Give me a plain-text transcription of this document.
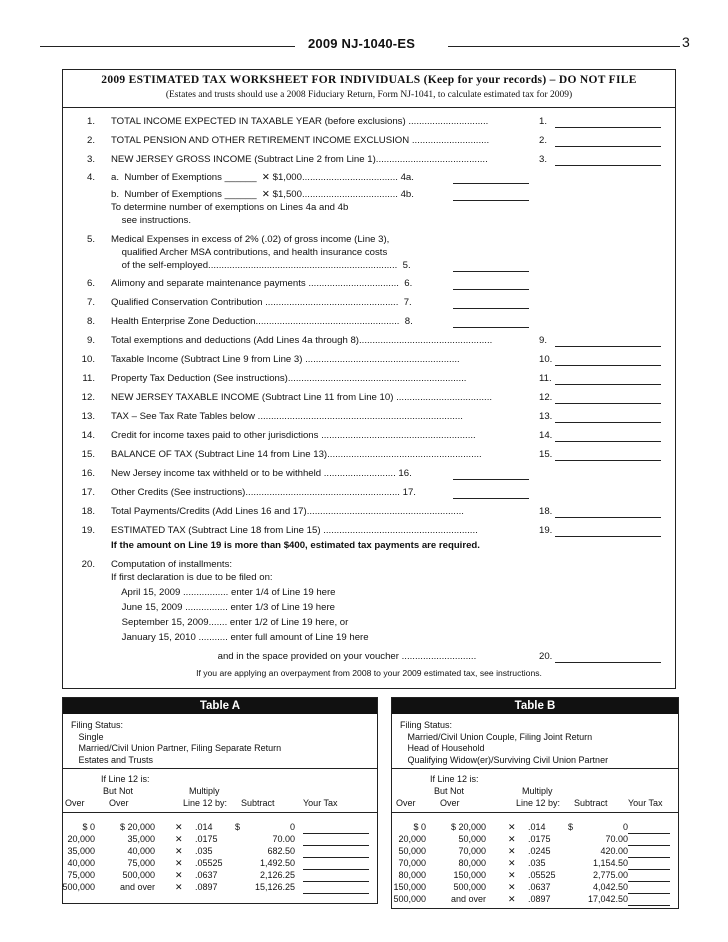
2009 NJ-1040-ES	3
2009 ESTIMATED TAX WORKSHEET FOR INDIVIDUALS (Keep for your records) – DO NOT FILE
(Estates and trusts should use a 2008 Fiduciary Return, Form NJ-1041, to calculate estimated tax for 2009)
1. TOTAL INCOME EXPECTED IN TAXABLE YEAR (before exclusions) ..............................	1.
2. TOTAL PENSION AND OTHER RETIREMENT INCOME EXCLUSION .............................	2.
3. NEW JERSEY GROSS INCOME (Subtract Line 2 from Line 1)..........................................	3.
4. a.  Number of Exemptions ______  ✕ $1,000.................................... 4a.
b.  Number of Exemptions ______  ✕ $1,500.................................... 4b.
To determine number of exemptions on Lines 4a and 4b
see instructions.
5. Medical Expenses in excess of 2% (.02) of gross income (Line 3),
qualified Archer MSA contributions, and health insurance costs
of the self-employed.......................................................................  5.
6. Alimony and separate maintenance payments ..................................  6.
7. Qualified Conservation Contribution ..................................................  7.
8. Health Enterprise Zone Deduction......................................................  8.
9. Total exemptions and deductions (Add Lines 4a through 8)..................................................	9.
10. Taxable Income (Subtract Line 9 from Line 3) ..........................................................	10.
11. Property Tax Deduction (See instructions)...................................................................	11.
12. NEW JERSEY TAXABLE INCOME (Subtract Line 11 from Line 10) ....................................	12.
13. TAX – See Tax Rate Tables below .............................................................................	13.
14. Credit for income taxes paid to other jurisdictions ..........................................................	14.
15. BALANCE OF TAX (Subtract Line 14 from Line 13)..........................................................	15.
16. New Jersey income tax withheld or to be withheld ........................... 16.
17. Other Credits (See instructions).......................................................... 17.
18. Total Payments/Credits (Add Lines 16 and 17)...........................................................	18.
19. ESTIMATED TAX (Subtract Line 18 from Line 15) ..........................................................	19.
If the amount on Line 19 is more than $400, estimated tax payments are required.
20. Computation of installments:
If first declaration is due to be filed on:
April 15, 2009 ................. enter 1/4 of Line 19 here
June 15, 2009 ................ enter 1/3 of Line 19 here
September 15, 2009....... enter 1/2 of Line 19 here, or
January 15, 2010 ........... enter full amount of Line 19 here
and in the space provided on your voucher ............................	20.
If you are applying an overpayment from 2008 to your 2009 estimated tax, see instructions.
Table A
Filing Status:
Single
Married/Civil Union Partner, Filing Separate Return
Estates and Trusts
If Line 12 is:
But Not	Multiply
Over	Over	Line 12 by: Subtract	Your Tax
$ 0	$ 20,000 ✕ .014 $	0
20,000	35,000 ✕ .0175	70.00
35,000	40,000 ✕ .035	682.50
40,000	75,000 ✕ .05525	1,492.50
75,000	500,000 ✕ .0637	2,126.25
500,000	and over ✕ .0897	15,126.25
Table B
Filing Status:
Married/Civil Union Couple, Filing Joint Return
Head of Household
Qualifying Widow(er)/Surviving Civil Union Partner
If Line 12 is:
But Not	Multiply
Over	Over	Line 12 by: Subtract Your Tax
$ 0	$ 20,000 ✕ .014 $	0
20,000	50,000 ✕ .0175	70.00
50,000	70,000 ✕ .0245	420.00
70,000	80,000 ✕ .035	1,154.50
80,000	150,000 ✕ .05525	2,775.00
150,000	500,000 ✕ .0637	4,042.50
500,000	and over ✕ .0897	17,042.50
